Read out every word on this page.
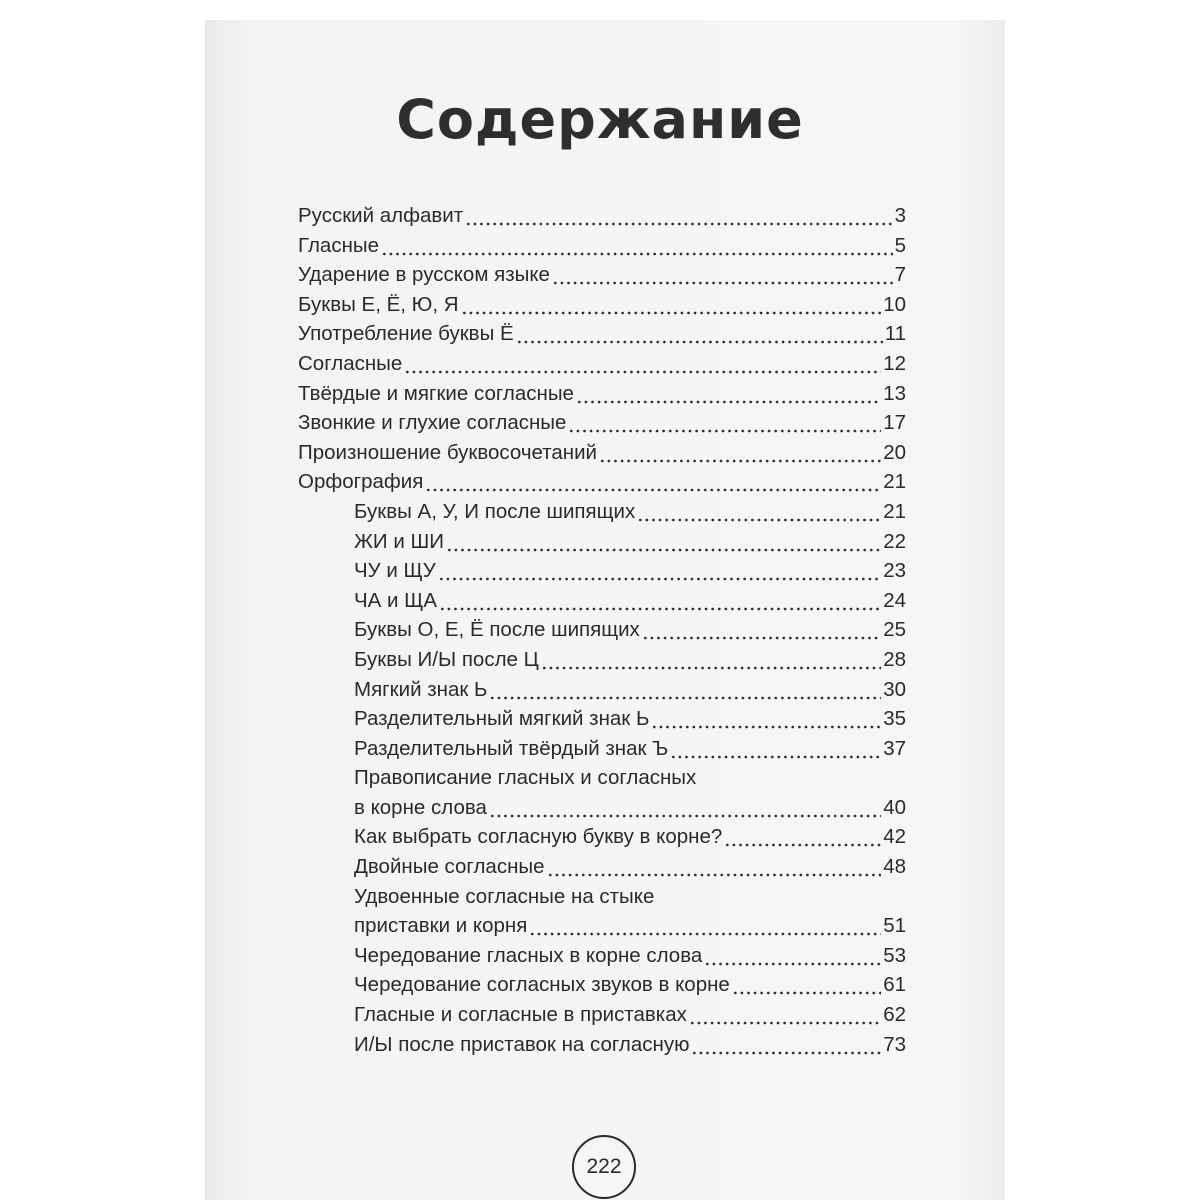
Содержание
Русский алфавит	3
Гласные	5
Ударение в русском языке	7
Буквы Е, Ё, Ю, Я	10
Употребление буквы Ё	11
Согласные	12
Твёрдые и мягкие согласные	13
Звонкие и глухие согласные	17
Произношение буквосочетаний	20
Орфография	21
Буквы А, У, И после шипящих	21
ЖИ и ШИ	22
ЧУ и ЩУ	23
ЧА и ЩА	24
Буквы О, Е, Ё после шипящих	25
Буквы И/Ы после Ц	28
Мягкий знак Ь	30
Разделительный мягкий знак Ь	35
Разделительный твёрдый знак Ъ	37
Правописание гласных и согласных
в корне слова	40
Как выбрать согласную букву в корне?	42
Двойные согласные	48
Удвоенные согласные на стыке
приставки и корня	51
Чередование гласных в корне слова	53
Чередование согласных звуков в корне	61
Гласные и согласные в приставках	62
И/Ы после приставок на согласную	73
222
